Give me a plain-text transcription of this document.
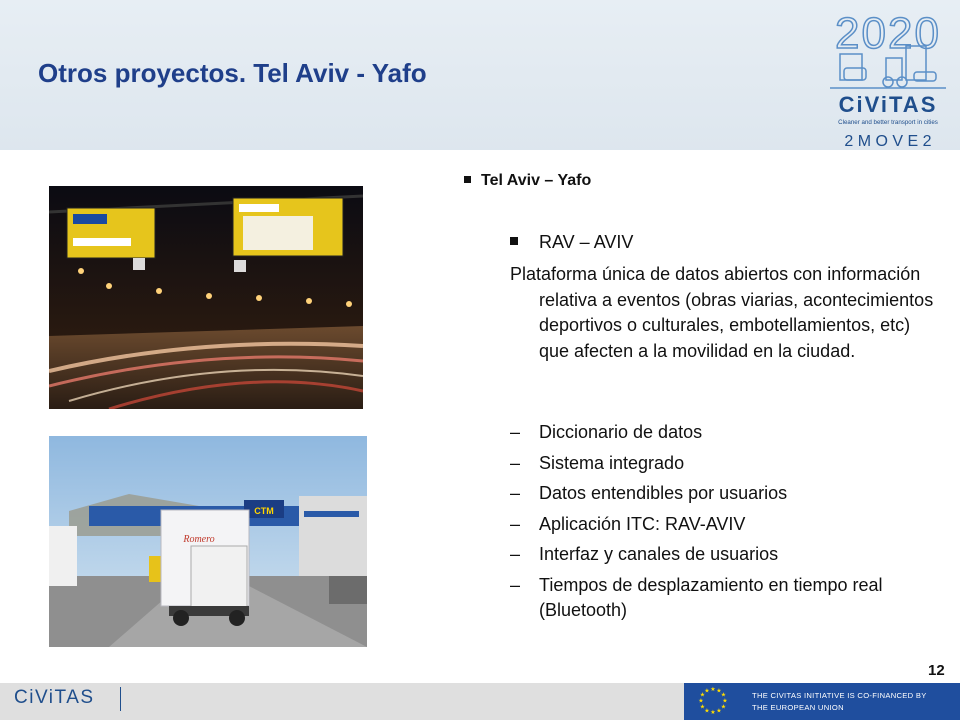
Otros proyectos. Tel Aviv - Yafo
2020
CiViTAS
Cleaner and better transport in cities
2 M O V E 2
CTM
Romero
Tel Aviv – Yafo
RAV – AVIV

Plataforma única de datos abiertos con información relativa a eventos (obras viarias, acontecimientos deportivos o culturales, embotellamientos, etc) que afecten a la movilidad en la ciudad.

– Diccionario de datos
– Sistema integrado
– Datos entendibles por usuarios
– Aplicación ITC: RAV-AVIV
– Interfaz y canales de usuarios
– Tiempos de desplazamiento en tiempo real (Bluetooth)
12
CiViTAS	★ ★
★
★
★
★
★
★
★
★
★
★	THE CIVITAS INITIATIVE IS CO-FINANCED BY
THE EUROPEAN UNION
